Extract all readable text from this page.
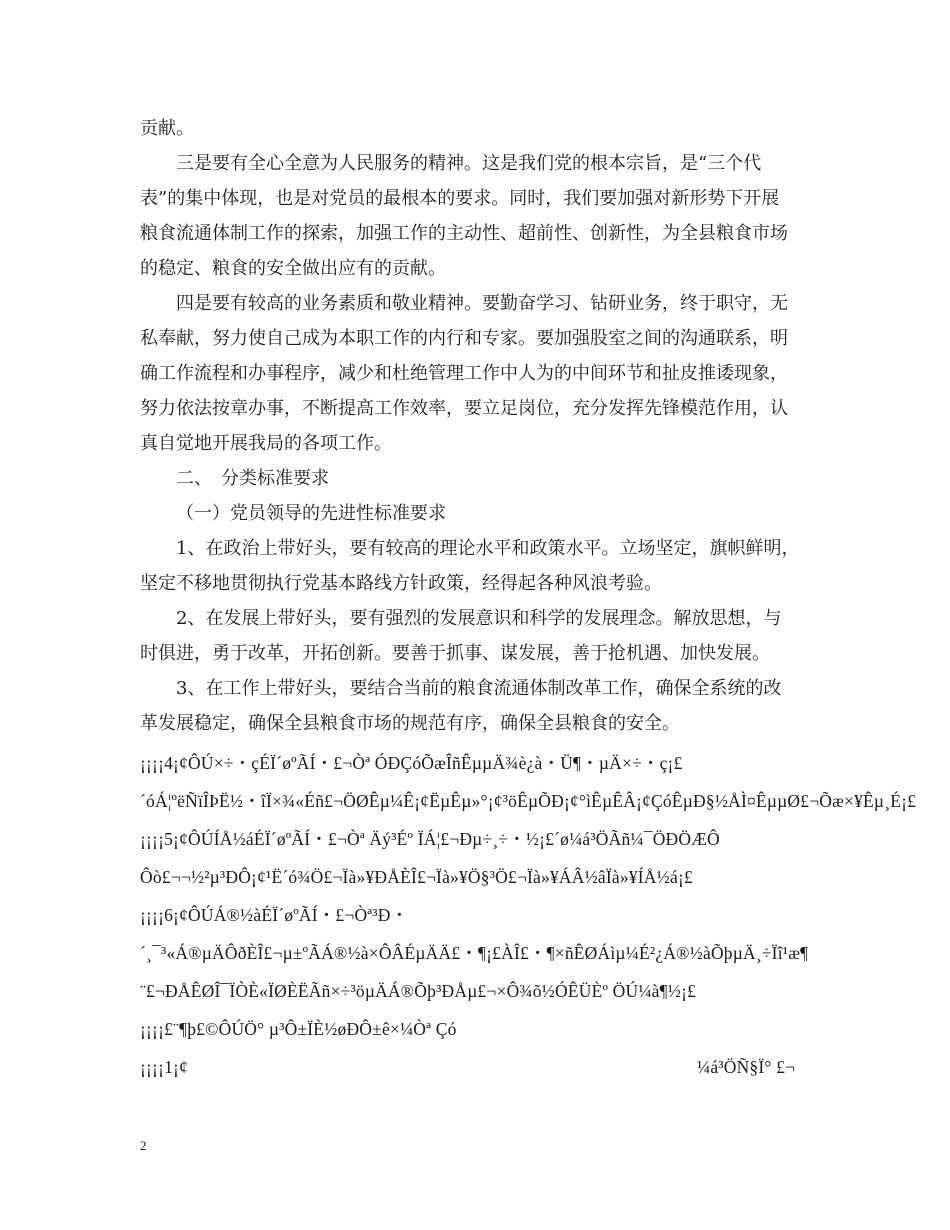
贡献。
三是要有全心全意为人民服务的精神。这是我们党的根本宗旨，是“三个代
表”的集中体现，也是对党员的最根本的要求。同时，我们要加强对新形势下开展
粮食流通体制工作的探索，加强工作的主动性、超前性、创新性，为全县粮食市场
的稳定、粮食的安全做出应有的贡献。
四是要有较高的业务素质和敬业精神。要勤奋学习、钻研业务，终于职守，无
私奉献，努力使自己成为本职工作的内行和专家。要加强股室之间的沟通联系，明
确工作流程和办事程序，减少和杜绝管理工作中人为的中间环节和扯皮推诿现象，
努力依法按章办事，不断提高工作效率，要立足岗位，充分发挥先锋模范作用，认
真自觉地开展我局的各项工作。
二、　分类标准要求
（一）党员领导的先进性标准要求
1、在政治上带好头，要有较高的理论水平和政策水平。立场坚定，旗帜鲜明，
坚定不移地贯彻执行党基本路线方针政策，经得起各种风浪考验。
2、在发展上带好头，要有强烈的发展意识和科学的发展理念。解放思想，与
时俱进，勇于改革，开拓创新。要善于抓事、谋发展，善于抢机遇、加快发展。
3、在工作上带好头，要结合当前的粮食流通体制改革工作，确保全系统的改
革发展稳定，确保全县粮食市场的规范有序，确保全县粮食的安全。
¡¡¡¡4¡¢ÔÚ×÷・çÉÏ´øºÃÍ・£¬Òª ÓÐÇóÕæÎñÊµµÄ¾è¿à・Ü¶・µÄ×÷・ç¡£
´óÁ¦ºëÑïÎÞË½・îÏ×¾«Éñ£¬ÖØÊµ¼Ê¡¢ËµÊµ»°¡¢³öÊµÕÐ¡¢°ìÊµÊÂ¡¢ÇóÊµÐ§½ÅÌ¤ÊµµØ£¬Õæ×¥Êµ¸É¡£
¡¡¡¡5¡¢ÔÚÍÅ½áÉÏ´øºÃÍ・£¬Òª Äý³Éº ÏÁ¦£¬Ðµ÷¸÷・½¡£´ø¼á³ÖÃñ¼¯ÖÐÖÆÔ
Ôò£¬¬½²µ³ÐÔ¡¢¹Ë´ó¾Ö£¬Ïà»¥ÐÅÈÎ£¬Ïà»¥Ö§³Ö£¬Ïà»¥ÁÂ½âÏà»¥ÍÅ½á¡£
¡¡¡¡6¡¢ÔÚÁ®½àÉÏ´øºÃÍ・£¬Òª³Ð・
´¸¯³«Á®µÄÔðÈÎ£¬µ±ºÃÁ®½à×ÔÂÉµÄÄ£・¶¡£ÀÎ£・¶×ñÊØÁìµ¼É²¿Á®½àÕþµÄ¸÷Ïî¹æ¶
¨£¬ÐÅÊØÎ¯ÏÒÈ«ÏØÈËÃñ×÷³öµÄÁ®Õþ³ÐÅµ£¬×Ô¾õ½ÓÊÜÈº ÖÚ¼à¶½¡£
¡¡¡¡£¨¶þ£©ÔÚÖ° µ³Ô±ÏÈ½øÐÔ±ê×¼Òª Çó
¡¡¡¡1¡¢	¼á³ÖÑ§Ï° £¬
2
